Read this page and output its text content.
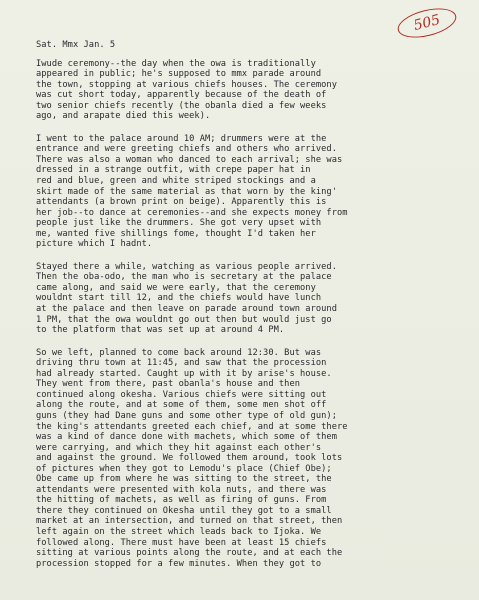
505
Sat. Mmx Jan. 5
Iwude ceremony--the day when the owa is traditionally
appeared in public; he's supposed to mmx parade around
the town, stopping at various chiefs houses. The ceremony
was cut short today, apparently because of the death of
two senior chiefs recently (the obanla died a few weeks
ago, and arapate died this week).
I went to the palace around 10 AM; drummers were at the
entrance and were greeting chiefs and others who arrived.
There was also a woman who danced to each arrival; she was
dressed in a strange outfit, with crepe paper hat in
red and blue, green and white striped stockings and a
skirt made of the same material as that worn by the king'
attendants (a brown print on beige). Apparently this is
her job--to dance at ceremonies--and she expects money from
people just like the drummers. She got very upset with
me, wanted five shillings fome, thought I'd taken her
picture which I hadnt.
Stayed there a while, watching as various people arrived.
Then the oba-odo, the man who is secretary at the palace
came along, and said we were early, that the ceremony
wouldnt start till 12, and the chiefs would have lunch
at the palace and then leave on parade around town around
1 PM, that the owa wouldnt go out then but would just go
to the platform that was set up at around 4 PM.
So we left, planned to come back around 12:30. But was
driving thru town at 11:45, and saw that the procession
had already started. Caught up with it by arise's house.
They went from there, past obanla's house and then
continued along okesha. Various chiefs were sitting out
along the route, and at some of them, some men shot off
guns (they had Dane guns and some other type of old gun);
the king's attendants greeted each chief, and at some there
was a kind of dance done with machets, which some of them
were carrying, and which they hit against each other's
and against the ground. We followed them around, took lots
of pictures when they got to Lemodu's place (Chief Obe);
Obe came up from where he was sitting to the street, the
attendants were presented with kola nuts, and there was
the hitting of machets, as well as firing of guns. From
there they continued on Okesha until they got to a small
market at an intersection, and turned on that street, then
left again on the street which leads back to Ijoka. We
followed along. There must have been at least 15 chiefs
sitting at various points along the route, and at each the
procession stopped for a few minutes. When they got to
